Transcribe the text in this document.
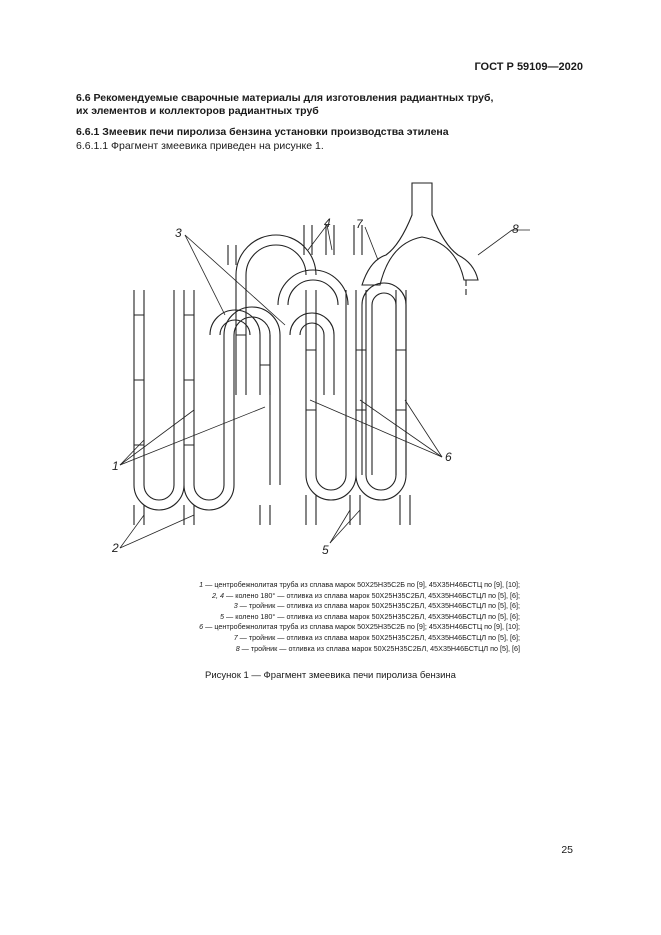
ГОСТ Р 59109—2020
6.6 Рекомендуемые сварочные материалы для изготовления радиантных труб,
их элементов и коллекторов радиантных труб
6.6.1 Змеевик печи пиролиза бензина установки производства этилена
6.6.1.1 Фрагмент змеевика приведен на рисунке 1.
1
2
3
4
5
6
7	8
1 — центробежнолитая труба из сплава марок 50Х25Н35С2Б по [9], 45Х35Н46БСТЦ по [9], [10];
2, 4 — колено 180° — отливка из сплава марок 50Х25Н35С2БЛ, 45Х35Н46БСТЦЛ по [5], [6];
3 — тройник — отливка из сплава марок 50Х25Н35С2БЛ, 45Х35Н46БСТЦЛ по [5], [6];
5 — колено 180° — отливка из сплава марок 50Х25Н35С2БЛ, 45Х35Н46БСТЦЛ по [5], [6];
6 — центробежнолитая труба из сплава марок 50Х25Н35С2Б по [9]; 45Х35Н46БСТЦ по [9], [10];
7 — тройник — отливка из сплава марок 50Х25Н35С2БЛ, 45Х35Н46БСТЦЛ по [5], [6];
8 — тройник — отливка из сплава марок 50Х25Н35С2БЛ, 45Х35Н46БСТЦЛ по [5], [6]
Рисунок 1 — Фрагмент змеевика печи пиролиза бензина
25
